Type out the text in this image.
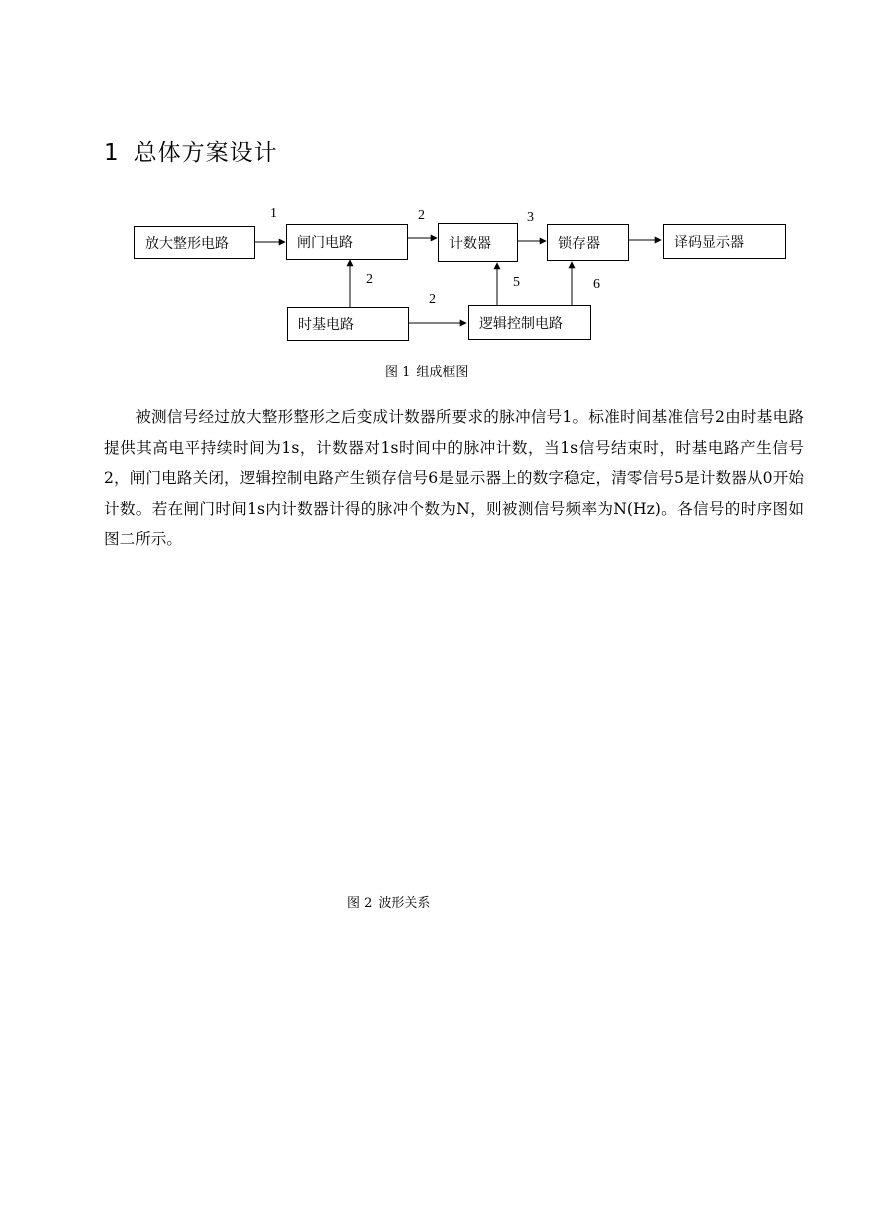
1 总体方案设计
放大整形电路	闸门电路	计数器	锁存器	译码显示器
时基电路	逻辑控制电路
1	2	3
2
2
5	6
图 1 组成框图

被测信号经过放大整形整形之后变成计数器所要求的脉冲信号1。标准时间基准信号2由时基电路提供其高电平持续时间为1s，计数器对1s时间中的脉冲计数，当1s信号结束时，时基电路产生信号2，闸门电路关闭，逻辑控制电路产生锁存信号6是显示器上的数字稳定，清零信号5是计数器从0开始计数。若在闸门时间1s内计数器计得的脉冲个数为N，则被测信号频率为N(Hz)。各信号的时序图如图二所示。

图 2 波形关系
